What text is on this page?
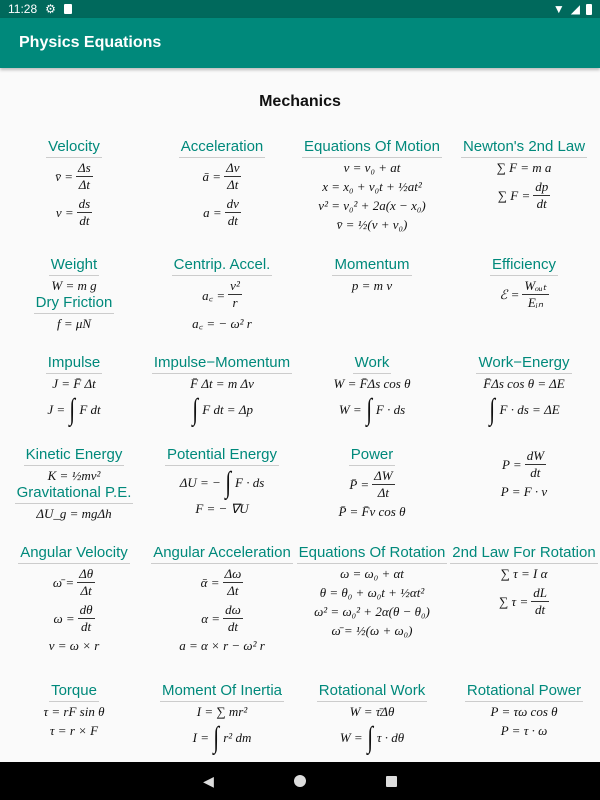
11:28 ⚙	▼ ◢
Physics Equations
Mechanics
Velocity
v̄ = $\frac{\Delta s}{\Delta t}$
$v = \frac{ds}{dt}$
Acceleration
ā = $\frac{\Delta v}{\Delta t}$
$a = \frac{dv}{dt}$
Equations Of Motion
v = v₀ + at
x = x₀ + v₀t + ½at²
v² = v₀² + 2a(x − x₀)
v̄ = ½(v + v₀)
Newton's 2nd Law
∑ F = m a
∑ $F = \frac{dp}{dt}$
Weight
W = m g
Dry Friction
f = μN
Centrip. Accel.
a꜀ = $\frac{\text{v²}}{r}$
a꜀ = − ω² r
Momentum
p = m v
Efficiency
ℰ = $\frac{\text{Wₒᵤₜ}}{\text{Eᵢₙ}}$
Impulse
J = F̄ Δt
J = ∫ F dt
Impulse−Momentum
F̄ Δt = m Δv
∫ F dt = Δp
Work
W = F̄Δs cos θ
W = ∫ F · ds
Work−Energy
F̄Δs cos θ = ΔE
∫ F · ds = ΔE
Kinetic Energy
K = ½mv²
Gravitational P.E.
ΔU_g = mgΔh
Potential Energy
ΔU = − ∫ F · ds
F = − ∇U
Power
P̄ = $\frac{\Delta W}{\Delta t}$
P̄ = F̄v cos θ
$P = \frac{dW}{dt}$
P = F · v
Angular Velocity
ω̄ = $\frac{\Delta\theta}{\Delta t}$
$\omega = \frac{d\theta}{dt}$
v = ω × r
Angular Acceleration
ᾱ = $\frac{\Delta\omega}{\Delta t}$
$\alpha = \frac{d\omega}{dt}$
a = α × r − ω² r
Equations Of Rotation
ω = ω₀ + αt
θ = θ₀ + ω₀t + ½αt²
ω² = ω₀² + 2α(θ − θ₀)
ω̄ = ½(ω + ω₀)
2nd Law For Rotation
∑ τ = I α
∑ $\tau = \frac{dL}{dt}$
Torque
τ = rF sin θ
τ = r × F
Moment Of Inertia
I = ∑ mr²
I = ∫ r² dm
Rotational Work
W = τ̄Δθ
W = ∫ τ · dθ
Rotational Power
P = τω cos θ
P = τ · ω
◀
